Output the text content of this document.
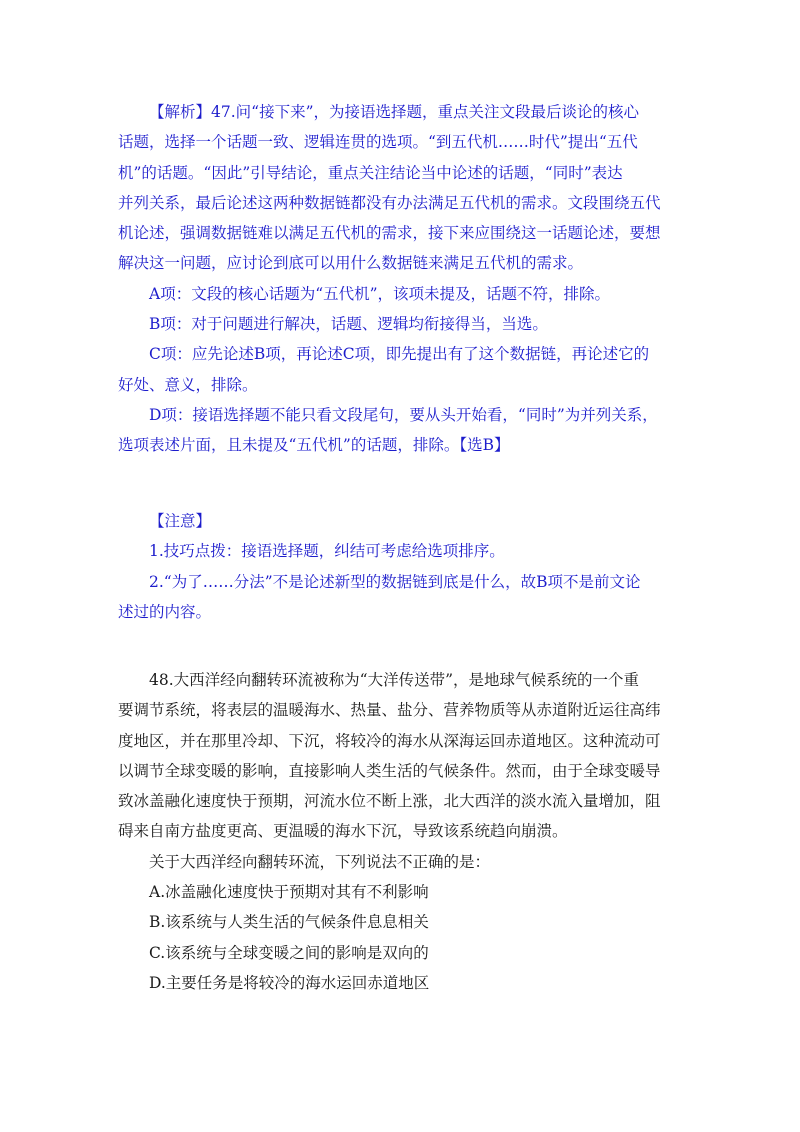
【解析】47.问“接下来”，为接语选择题，重点关注文段最后谈论的核心
话题，选择一个话题一致、逻辑连贯的选项。“到五代机……时代”提出“五代
机”的话题。“因此”引导结论，重点关注结论当中论述的话题，“同时”表达
并列关系，最后论述这两种数据链都没有办法满足五代机的需求。文段围绕五代
机论述，强调数据链难以满足五代机的需求，接下来应围绕这一话题论述，要想
解决这一问题，应讨论到底可以用什么数据链来满足五代机的需求。
A项：文段的核心话题为“五代机”，该项未提及，话题不符，排除。
B项：对于问题进行解决，话题、逻辑均衔接得当，当选。
C项：应先论述B项，再论述C项，即先提出有了这个数据链，再论述它的
好处、意义，排除。
D项：接语选择题不能只看文段尾句，要从头开始看，“同时”为并列关系，
选项表述片面，且未提及“五代机”的话题，排除。【选B】
【注意】
1.技巧点拨：接语选择题，纠结可考虑给选项排序。
2.“为了……分法”不是论述新型的数据链到底是什么，故B项不是前文论
述过的内容。
48.大西洋经向翻转环流被称为“大洋传送带”，是地球气候系统的一个重
要调节系统，将表层的温暖海水、热量、盐分、营养物质等从赤道附近运往高纬
度地区，并在那里冷却、下沉，将较冷的海水从深海运回赤道地区。这种流动可
以调节全球变暖的影响，直接影响人类生活的气候条件。然而，由于全球变暖导
致冰盖融化速度快于预期，河流水位不断上涨，北大西洋的淡水流入量增加，阻
碍来自南方盐度更高、更温暖的海水下沉，导致该系统趋向崩溃。
关于大西洋经向翻转环流，下列说法不正确的是：
A.冰盖融化速度快于预期对其有不利影响
B.该系统与人类生活的气候条件息息相关
C.该系统与全球变暖之间的影响是双向的
D.主要任务是将较冷的海水运回赤道地区
